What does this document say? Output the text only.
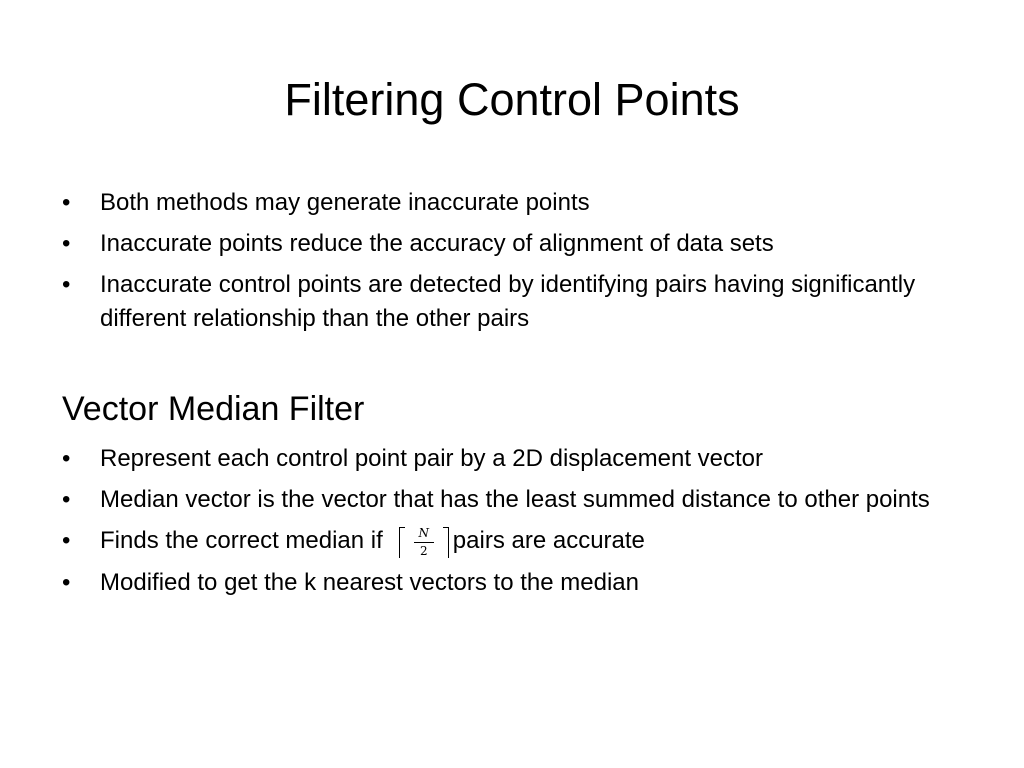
Filtering Control Points
• Both methods may generate inaccurate points
• Inaccurate points reduce the accuracy of alignment of data sets
• Inaccurate control points are detected by identifying pairs having significantly different relationship than the other pairs
Vector Median Filter
• Represent each control point pair by a 2D displacement vector
• Median vector is the vector that has the least summed distance to other points
• Finds the correct median if	N
2	pairs are accurate
• Modified to get the k nearest vectors to the median
